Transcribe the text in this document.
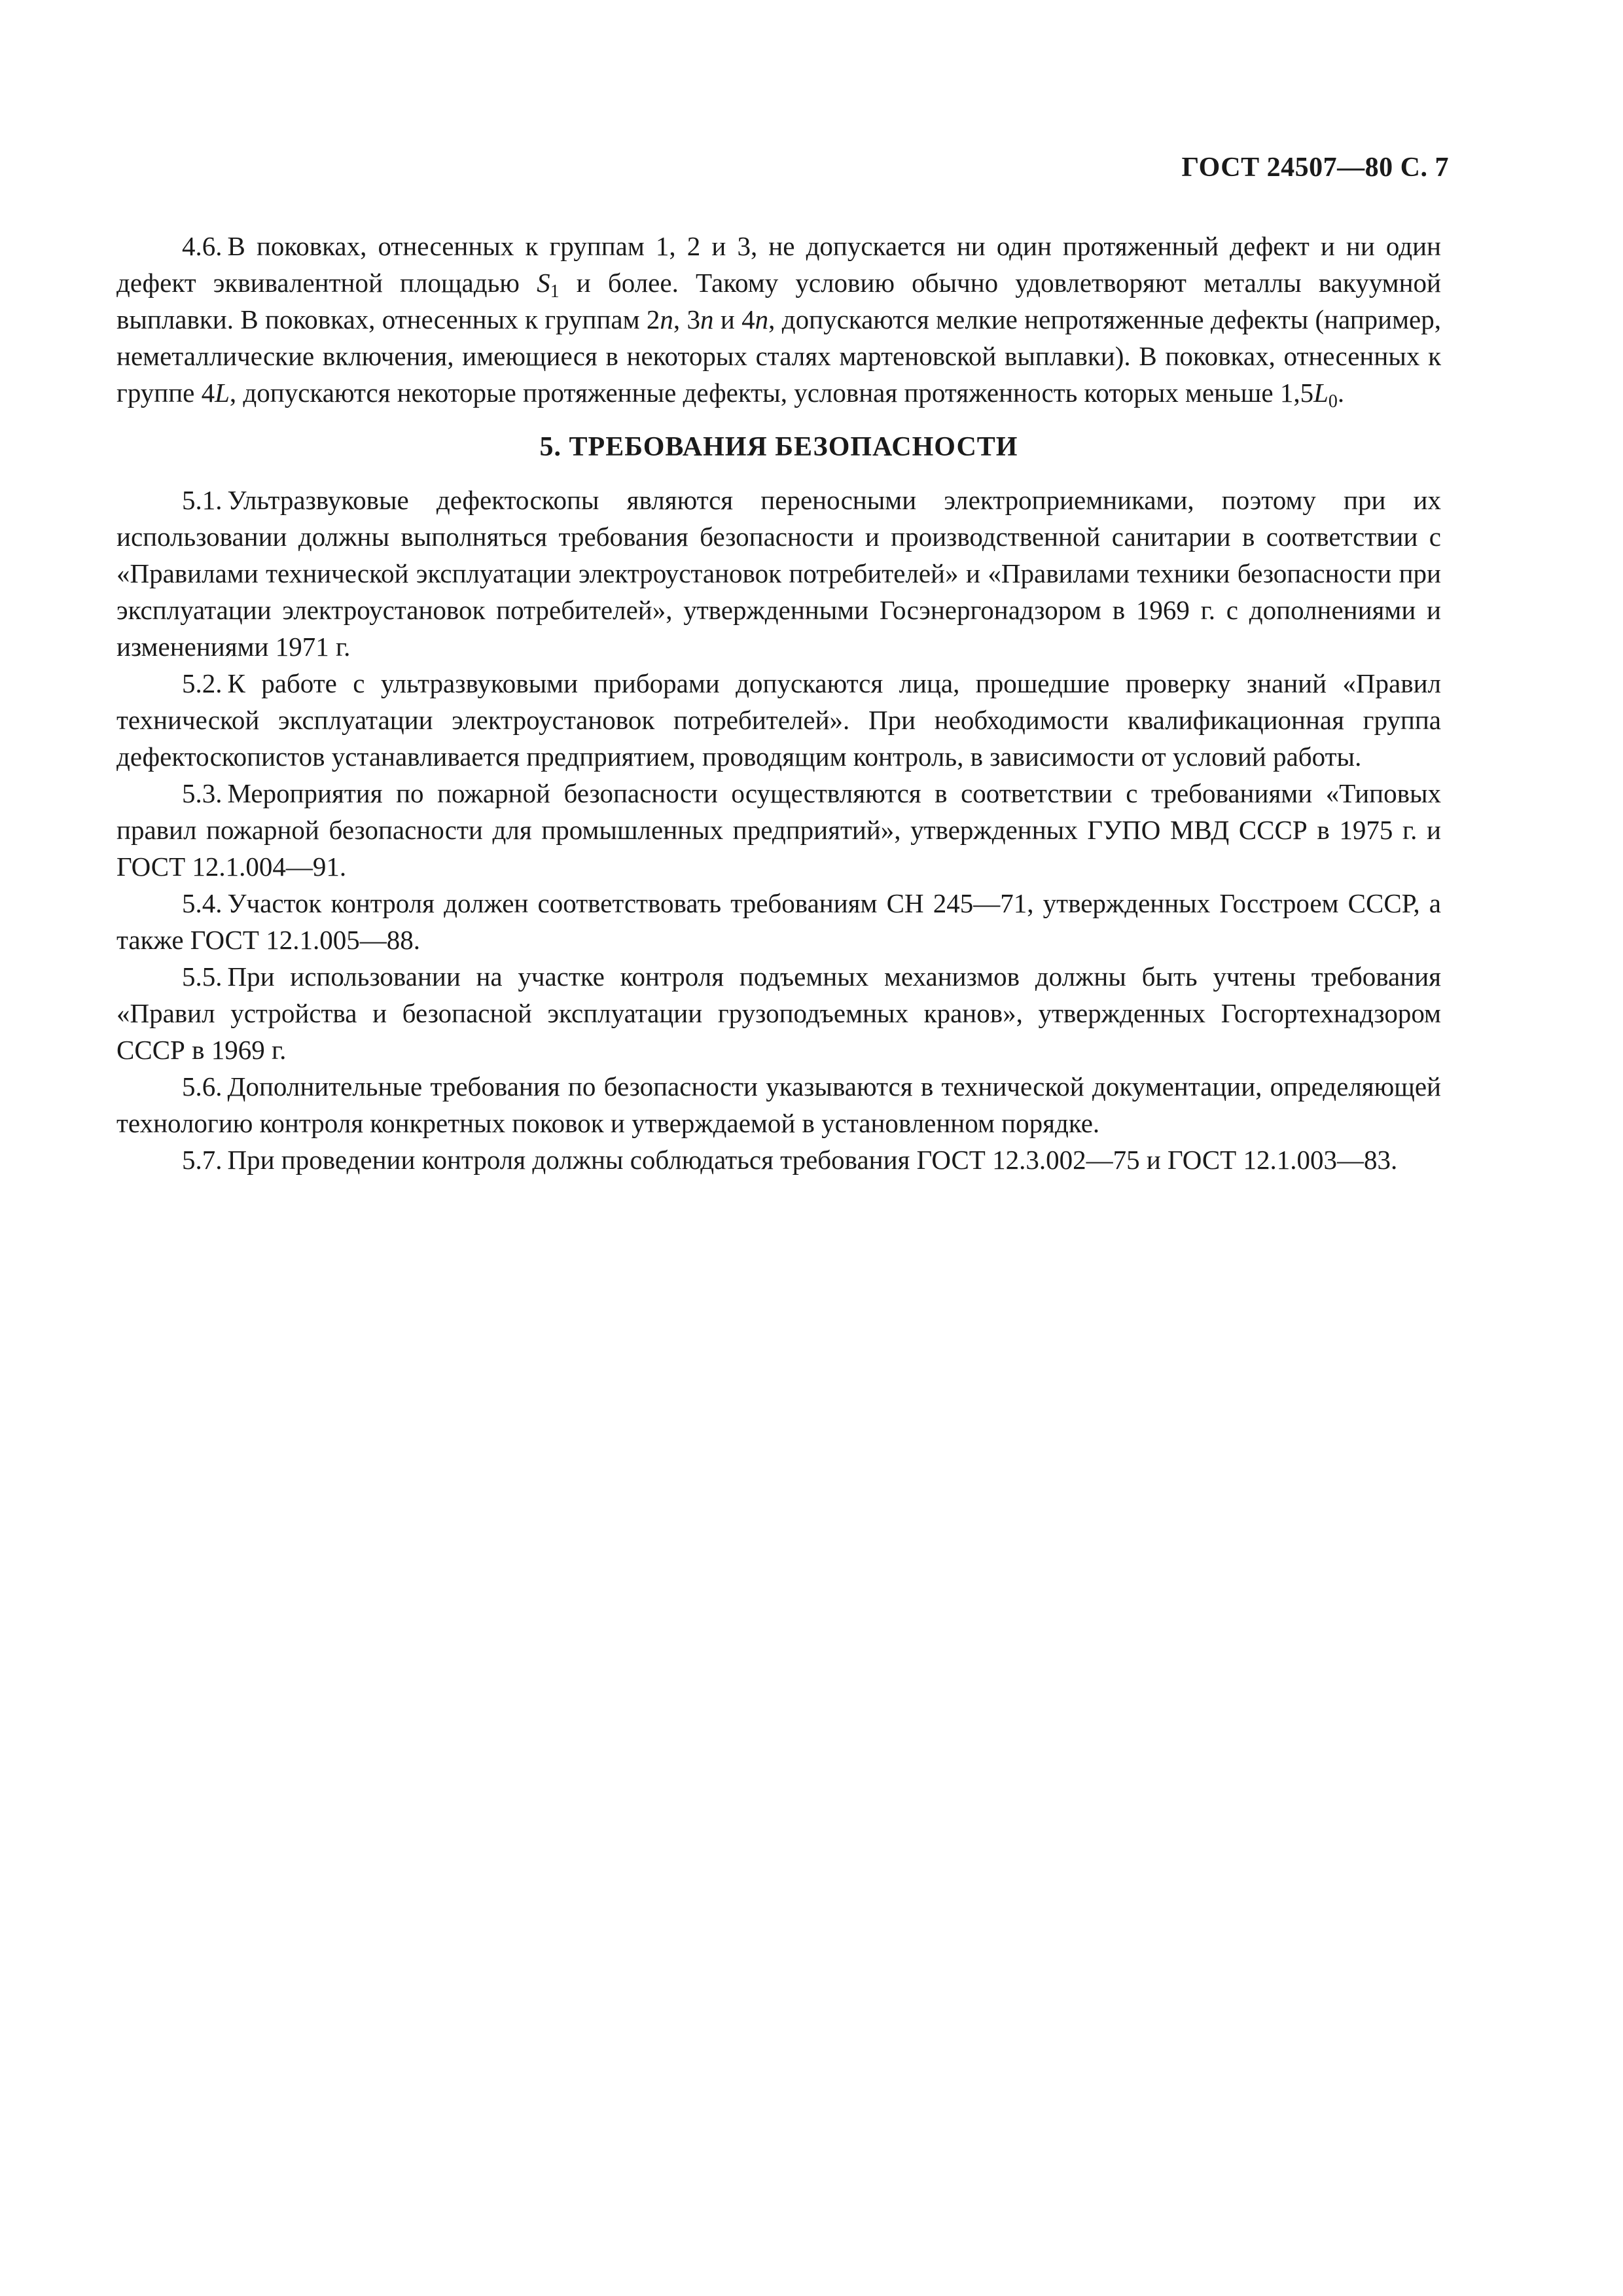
ГОСТ 24507—80 С. 7

4.6. В поковках, отнесенных к группам 1, 2 и 3, не допускается ни один протяженный дефект и ни один дефект эквивалентной площадью $S_1$ и более. Такому условию обычно удовлетворяют металлы вакуумной выплавки. В поковках, отнесенных к группам 2n, 3n и 4n, допускаются мелкие непротяженные дефекты (например, неметаллические включения, имеющиеся в некоторых сталях мартеновской выплавки). В поковках, отнесенных к группе 4L, допускаются некоторые протяженные дефекты, условная протяженность которых меньше $1,5L_0$.

5. ТРЕБОВАНИЯ БЕЗОПАСНОСТИ

5.1. Ультразвуковые дефектоскопы являются переносными электроприемниками, поэтому при их использовании должны выполняться требования безопасности и производственной санитарии в соответствии с «Правилами технической эксплуатации электроустановок потребителей» и «Правилами техники безопасности при эксплуатации электроустановок потребителей», утвержденными Госэнергонадзором в 1969 г. с дополнениями и изменениями 1971 г.

5.2. К работе с ультразвуковыми приборами допускаются лица, прошедшие проверку знаний «Правил технической эксплуатации электроустановок потребителей». При необходимости квалификационная группа дефектоскопистов устанавливается предприятием, проводящим контроль, в зависимости от условий работы.

5.3. Мероприятия по пожарной безопасности осуществляются в соответствии с требованиями «Типовых правил пожарной безопасности для промышленных предприятий», утвержденных ГУПО МВД СССР в 1975 г. и ГОСТ 12.1.004—91.

5.4. Участок контроля должен соответствовать требованиям СН 245—71, утвержденных Госстроем СССР, а также ГОСТ 12.1.005—88.

5.5. При использовании на участке контроля подъемных механизмов должны быть учтены требования «Правил устройства и безопасной эксплуатации грузоподъемных кранов», утвержденных Госгортехнадзором СССР в 1969 г.

5.6. Дополнительные требования по безопасности указываются в технической документации, определяющей технологию контроля конкретных поковок и утверждаемой в установленном порядке.

5.7. При проведении контроля должны соблюдаться требования ГОСТ 12.3.002—75 и ГОСТ 12.1.003—83.
